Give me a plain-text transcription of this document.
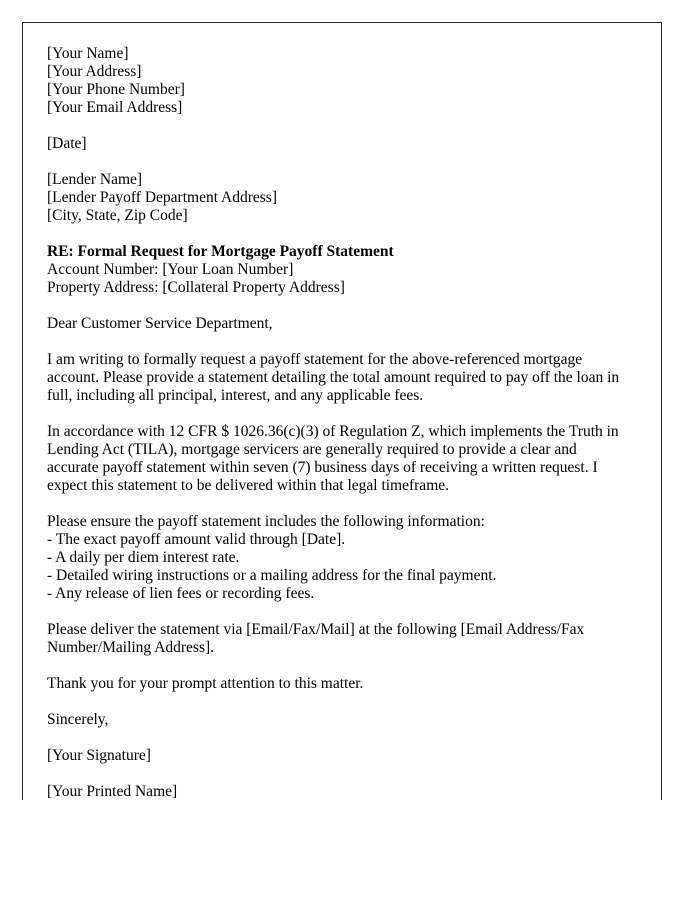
[Your Name]
[Your Address]
[Your Phone Number]
[Your Email Address]
[Date]
[Lender Name]
[Lender Payoff Department Address]
[City, State, Zip Code]
RE: Formal Request for Mortgage Payoff Statement
Account Number: [Your Loan Number]
Property Address: [Collateral Property Address]
Dear Customer Service Department,

I am writing to formally request a payoff statement for the above-referenced mortgage account. Please provide a statement detailing the total amount required to pay off the loan in full, including all principal, interest, and any applicable fees.

In accordance with 12 CFR $ 1026.36(c)(3) of Regulation Z, which implements the Truth in Lending Act (TILA), mortgage servicers are generally required to provide a clear and accurate payoff statement within seven (7) business days of receiving a written request. I expect this statement to be delivered within that legal timeframe.

Please ensure the payoff statement includes the following information:
- The exact payoff amount valid through [Date].
- A daily per diem interest rate.
- Detailed wiring instructions or a mailing address for the final payment.
- Any release of lien fees or recording fees.

Please deliver the statement via [Email/Fax/Mail] at the following [Email Address/Fax Number/Mailing Address].

Thank you for your prompt attention to this matter.

Sincerely,
[Your Signature]
[Your Printed Name]
